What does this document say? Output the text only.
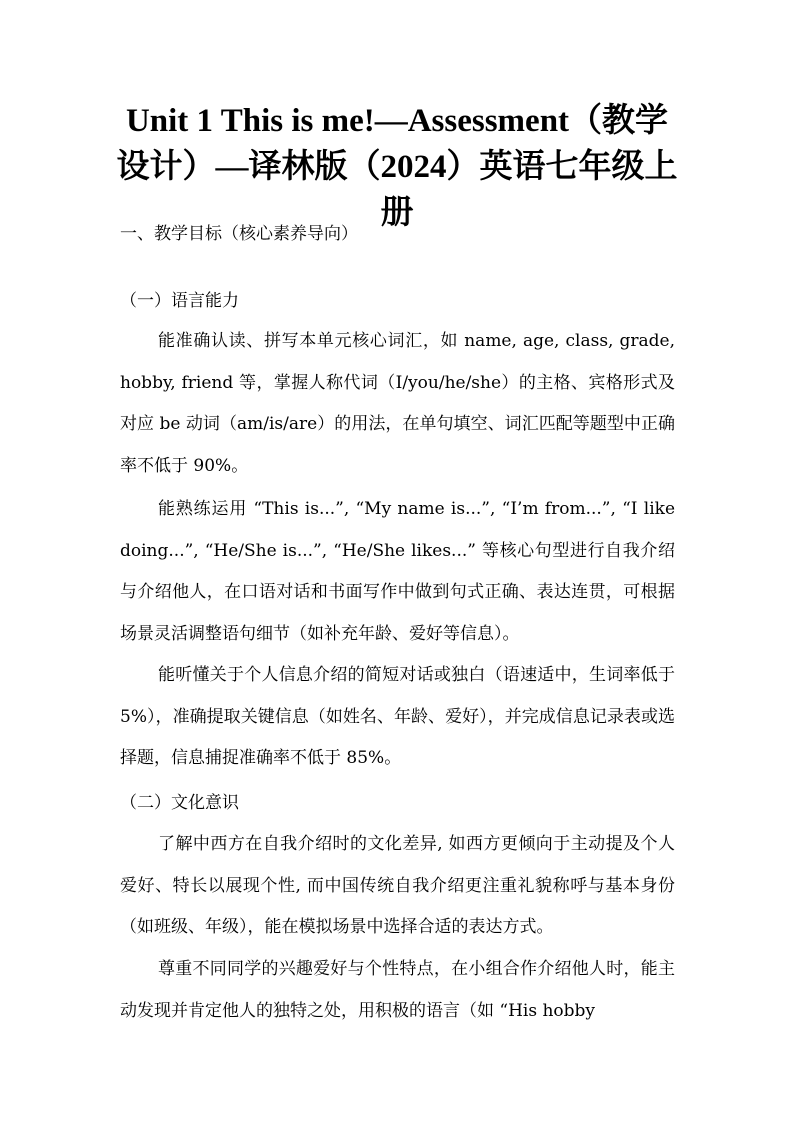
Unit 1 This is me!—Assessment（教学设计）—译林版（2024）英语七年级上册

一、教学目标（核心素养导向）

（一）语言能力

能准确认读、拼写本单元核心词汇，如 name, age, class, grade, hobby, friend 等，掌握人称代词（I/you/he/she）的主格、宾格形式及对应 be 动词（am/is/are）的用法，在单句填空、词汇匹配等题型中正确率不低于 90%。

能熟练运用 “This is...”, “My name is...”, “I’m from...”, “I like doing...”, “He/She is...”, “He/She likes...” 等核心句型进行自我介绍与介绍他人，在口语对话和书面写作中做到句式正确、表达连贯，可根据场景灵活调整语句细节（如补充年龄、爱好等信息）。

能听懂关于个人信息介绍的简短对话或独白（语速适中，生词率低于 5%），准确提取关键信息（如姓名、年龄、爱好），并完成信息记录表或选择题，信息捕捉准确率不低于 85%。

（二）文化意识

了解中西方在自我介绍时的文化差异, 如西方更倾向于主动提及个人爱好、特长以展现个性, 而中国传统自我介绍更注重礼貌称呼与基本身份（如班级、年级），能在模拟场景中选择合适的表达方式。

尊重不同同学的兴趣爱好与个性特点，在小组合作介绍他人时，能主动发现并肯定他人的独特之处，用积极的语言（如 “His hobby
